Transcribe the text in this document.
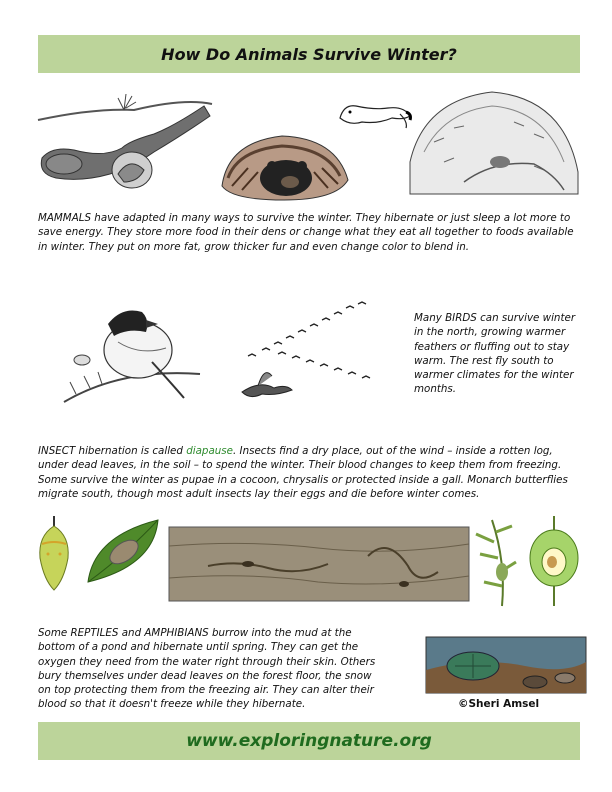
How Do Animals Survive Winter?

MAMMALS have adapted in many ways to survive the winter. They hibernate or just sleep a lot more to save energy. They store more food in their dens or change what they eat all together to foods available in winter. They put on more fat, grow thicker fur and even change color to blend in.

Many BIRDS can survive winter in the north, growing warmer feathers or fluffing out to stay warm. The rest fly south to warmer climates for the winter months.

INSECT hibernation is called diapause. Insects find a dry place, out of the wind – inside a rotten log, under dead leaves, in the soil – to spend the winter. Their blood changes to keep them from freezing. Some survive the winter as pupae in a cocoon, chrysalis or protected inside a gall. Monarch butterflies migrate south, though most adult insects lay their eggs and die before winter comes.

Some REPTILES and AMPHIBIANS burrow into the mud at the bottom of a pond and hibernate until spring. They can get the oxygen they need from the water right through their skin. Others bury themselves under dead leaves on the forest floor, the snow on top protecting them from the freezing air. They can alter their blood so that it doesn't freeze while they hibernate.	©Sheri Amsel
www.exploringnature.org
